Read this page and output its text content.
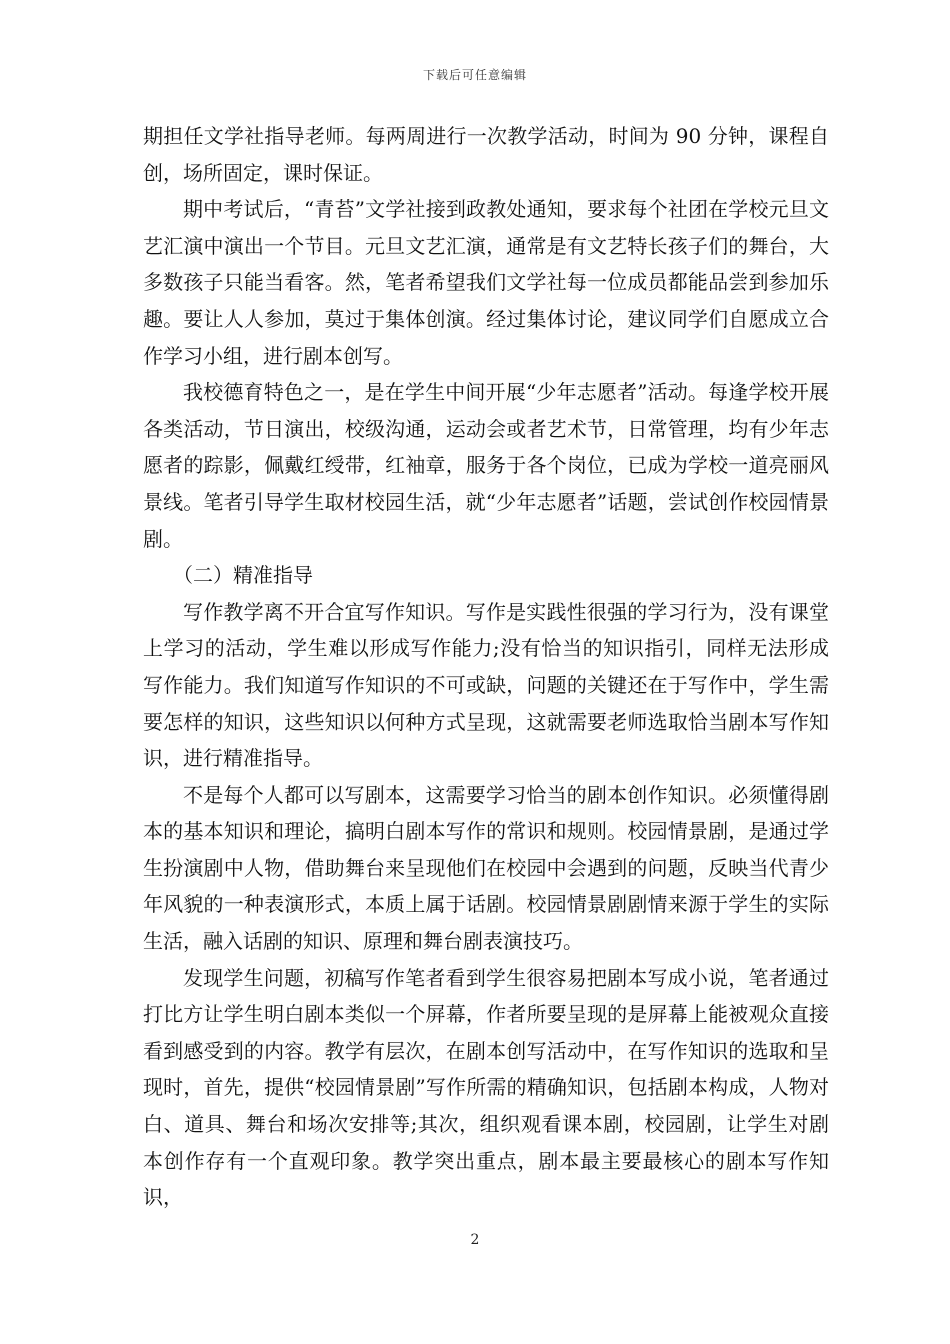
下载后可任意编辑

期担任文学社指导老师。每两周进行一次教学活动，时间为 90 分钟，课程自创，场所固定，课时保证。

期中考试后，“青苔”文学社接到政教处通知，要求每个社团在学校元旦文艺汇演中演出一个节目。元旦文艺汇演，通常是有文艺特长孩子们的舞台，大多数孩子只能当看客。然，笔者希望我们文学社每一位成员都能品尝到参加乐趣。要让人人参加，莫过于集体创演。经过集体讨论，建议同学们自愿成立合作学习小组，进行剧本创写。

我校德育特色之一，是在学生中间开展“少年志愿者”活动。每逢学校开展各类活动，节日演出，校级沟通，运动会或者艺术节，日常管理，均有少年志愿者的踪影，佩戴红绶带，红袖章，服务于各个岗位，已成为学校一道亮丽风景线。笔者引导学生取材校园生活，就“少年志愿者”话题，尝试创作校园情景剧。

（二）精准指导

写作教学离不开合宜写作知识。写作是实践性很强的学习行为，没有课堂上学习的活动，学生难以形成写作能力;没有恰当的知识指引，同样无法形成写作能力。我们知道写作知识的不可或缺，问题的关键还在于写作中，学生需要怎样的知识，这些知识以何种方式呈现，这就需要老师选取恰当剧本写作知识，进行精准指导。

不是每个人都可以写剧本，这需要学习恰当的剧本创作知识。必须懂得剧本的基本知识和理论，搞明白剧本写作的常识和规则。校园情景剧，是通过学生扮演剧中人物，借助舞台来呈现他们在校园中会遇到的问题，反映当代青少年风貌的一种表演形式，本质上属于话剧。校园情景剧剧情来源于学生的实际生活，融入话剧的知识、原理和舞台剧表演技巧。

发现学生问题，初稿写作笔者看到学生很容易把剧本写成小说，笔者通过打比方让学生明白剧本类似一个屏幕，作者所要呈现的是屏幕上能被观众直接看到感受到的内容。教学有层次，在剧本创写活动中，在写作知识的选取和呈现时，首先，提供“校园情景剧”写作所需的精确知识，包括剧本构成，人物对白、道具、舞台和场次安排等;其次，组织观看课本剧，校园剧，让学生对剧本创作存有一个直观印象。教学突出重点，剧本最主要最核心的剧本写作知识，

2
